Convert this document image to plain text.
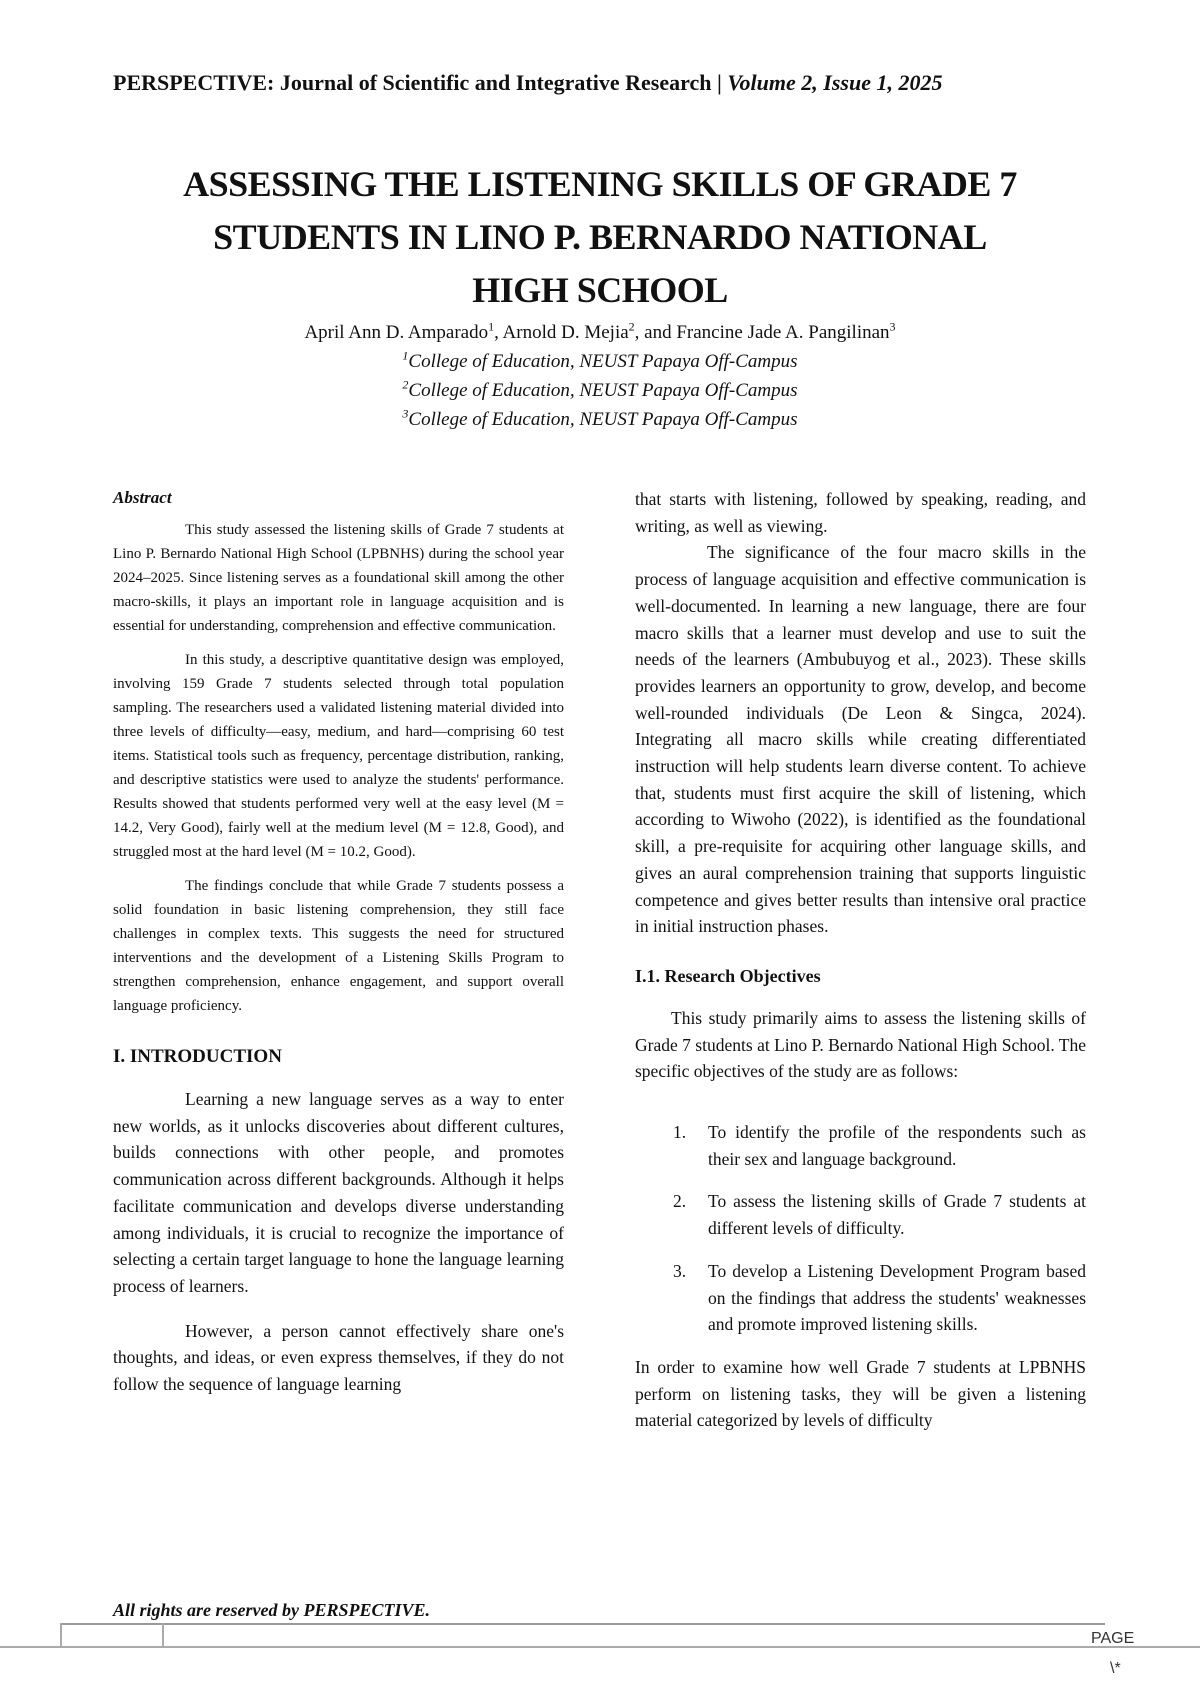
PERSPECTIVE: Journal of Scientific and Integrative Research | Volume 2, Issue 1, 2025
ASSESSING THE LISTENING SKILLS OF GRADE 7
STUDENTS IN LINO P. BERNARDO NATIONAL
HIGH SCHOOL
April Ann D. Amparado$^1$, Arnold D. Mejia$^2$, and Francine Jade A. Pangilinan$^3$
$^1$College of Education, NEUST Papaya Off-Campus
$^2$College of Education, NEUST Papaya Off-Campus
$^3$College of Education, NEUST Papaya Off-Campus
Abstract

This study assessed the listening skills of Grade 7 students at Lino P. Bernardo National High School (LPBNHS) during the school year 2024–2025. Since listening serves as a foundational skill among the other macro-skills, it plays an important role in language acquisition and is essential for understanding, comprehension and effective communication.

In this study, a descriptive quantitative design was employed, involving 159 Grade 7 students selected through total population sampling. The researchers used a validated listening material divided into three levels of difficulty—easy, medium, and hard—comprising 60 test items. Statistical tools such as frequency, percentage distribution, ranking, and descriptive statistics were used to analyze the students' performance. Results showed that students performed very well at the easy level (M = 14.2, Very Good), fairly well at the medium level (M = 12.8, Good), and struggled most at the hard level (M = 10.2, Good).

The findings conclude that while Grade 7 students possess a solid foundation in basic listening comprehension, they still face challenges in complex texts. This suggests the need for structured interventions and the development of a Listening Skills Program to strengthen comprehension, enhance engagement, and support overall language proficiency.

I. INTRODUCTION

Learning a new language serves as a way to enter new worlds, as it unlocks discoveries about different cultures, builds connections with other people, and promotes communication across different backgrounds. Although it helps facilitate communication and develops diverse understanding among individuals, it is crucial to recognize the importance of selecting a certain target language to hone the language learning process of learners.

However, a person cannot effectively share one's thoughts, and ideas, or even express themselves, if they do not follow the sequence of language learning

that starts with listening, followed by speaking, reading, and writing, as well as viewing.

The significance of the four macro skills in the process of language acquisition and effective communication is well-documented. In learning a new language, there are four macro skills that a learner must develop and use to suit the needs of the learners (Ambubuyog et al., 2023). These skills provides learners an opportunity to grow, develop, and become well-rounded individuals (De Leon & Singca, 2024). Integrating all macro skills while creating differentiated instruction will help students learn diverse content. To achieve that, students must first acquire the skill of listening, which according to Wiwoho (2022), is identified as the foundational skill, a pre-requisite for acquiring other language skills, and gives an aural comprehension training that supports linguistic competence and gives better results than intensive oral practice in initial instruction phases.

I.1. Research Objectives

This study primarily aims to assess the listening skills of Grade 7 students at Lino P. Bernardo National High School. The specific objectives of the study are as follows:

1. To identify the profile of the respondents such as their sex and language background.
2. To assess the listening skills of Grade 7 students at different levels of difficulty.
3. To develop a Listening Development Program based on the findings that address the students' weaknesses and promote improved listening skills.

In order to examine how well Grade 7 students at LPBNHS perform on listening tasks, they will be given a listening material categorized by levels of difficulty

All rights are reserved by PERSPECTIVE.
PAGE
\*
